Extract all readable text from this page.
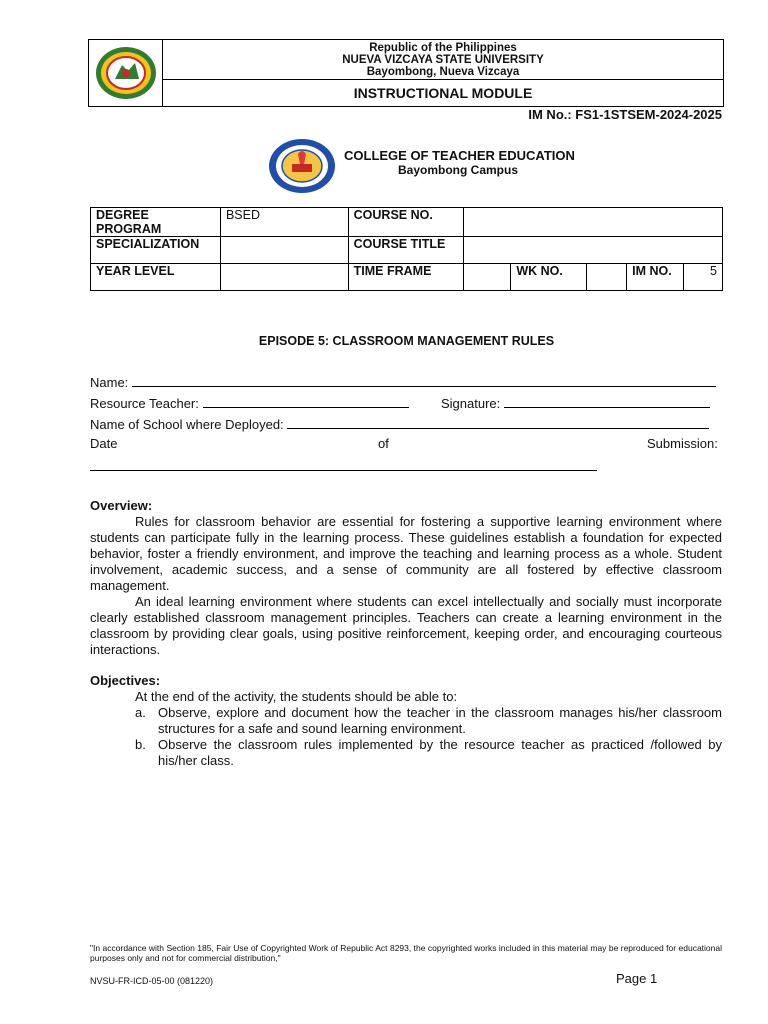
Republic of the Philippines
NUEVA VIZCAYA STATE UNIVERSITY
Bayombong, Nueva Vizcaya
INSTRUCTIONAL MODULE
IM No.: FS1-1STSEM-2024-2025
COLLEGE OF TEACHER EDUCATION
Bayombong Campus
DEGREE PROGRAM	BSED	COURSE NO.					
SPECIALIZATION		COURSE TITLE					
YEAR LEVEL		TIME FRAME		WK NO.		IM NO.	5
EPISODE 5: CLASSROOM MANAGEMENT RULES
Name:
Resource Teacher:	Signature:
Name of School where Deployed:
Date	of	Submission:
Overview:
Rules for classroom behavior are essential for fostering a supportive learning environment where students can participate fully in the learning process. These guidelines establish a foundation for expected behavior, foster a friendly environment, and improve the teaching and learning process as a whole. Student involvement, academic success, and a sense of community are all fostered by effective classroom management.
An ideal learning environment where students can excel intellectually and socially must incorporate clearly established classroom management principles. Teachers can create a learning environment in the classroom by providing clear goals, using positive reinforcement, keeping order, and encouraging courteous interactions.
Objectives:
At the end of the activity, the students should be able to:
a. Observe, explore and document how the teacher in the classroom manages his/her classroom structures for a safe and sound learning environment.
b. Observe the classroom rules implemented by the resource teacher as practiced /followed by his/her class.
"In accordance with Section 185, Fair Use of Copyrighted Work of Republic Act 8293, the copyrighted works included in this material may be reproduced for educational purposes only and not for commercial distribution,"
NVSU-FR-ICD-05-00 (081220)	Page 1
